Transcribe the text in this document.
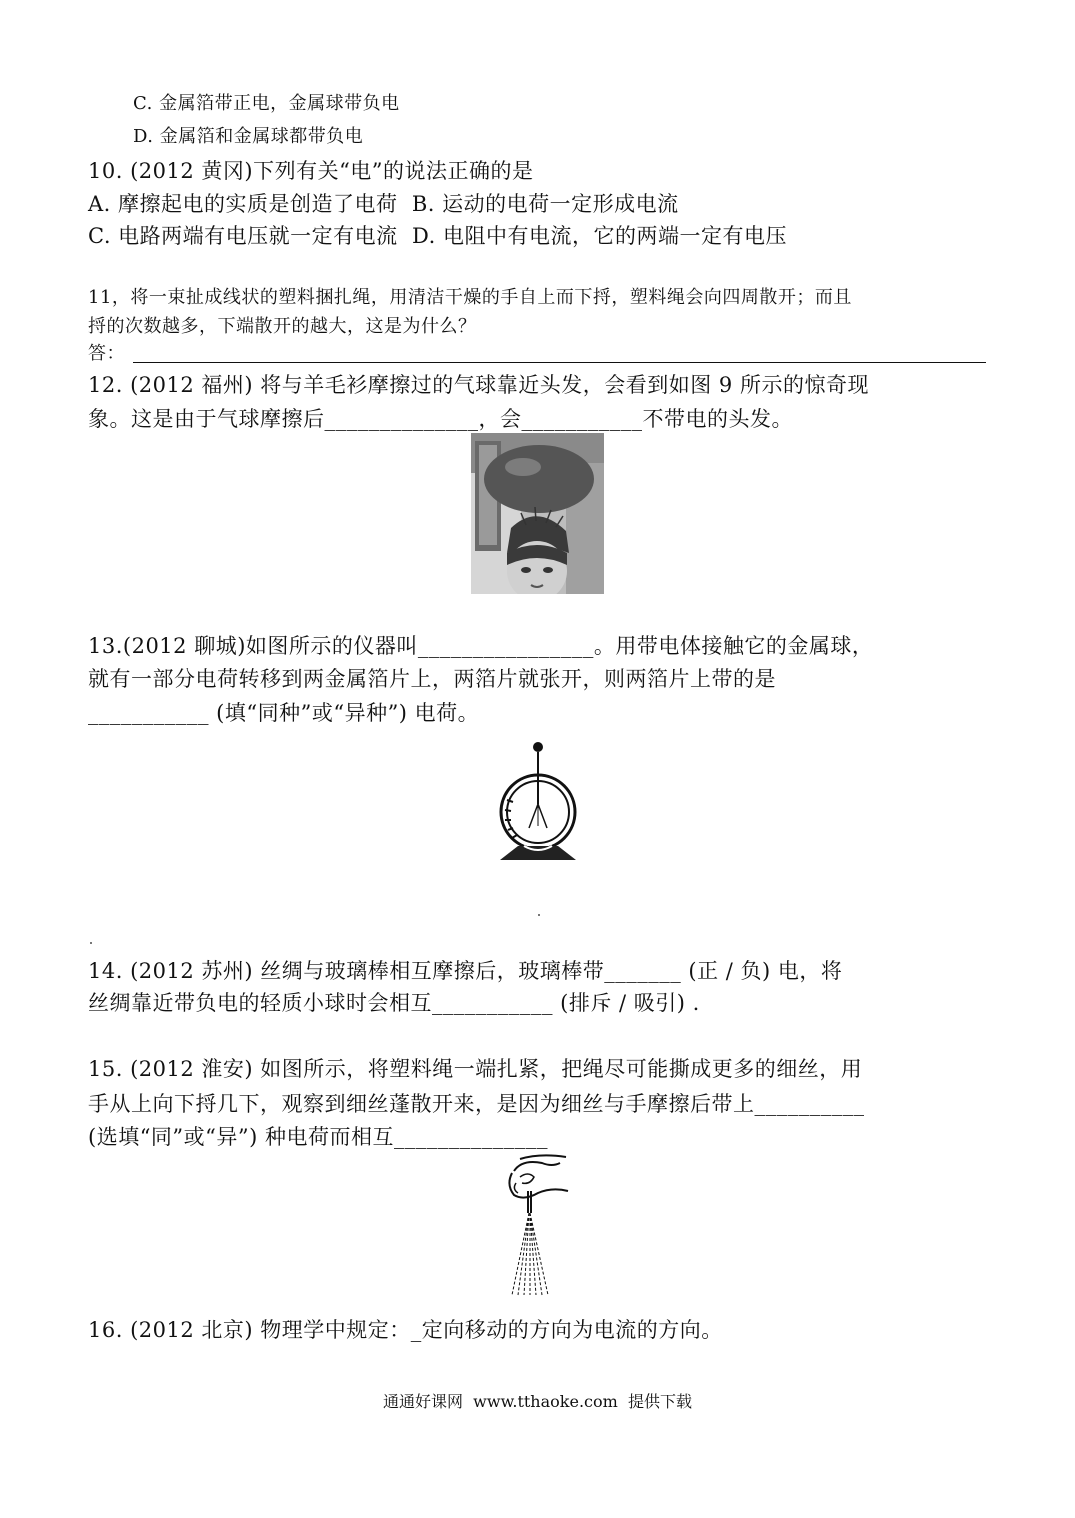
C. 金属箔带正电，金属球带负电
D. 金属箔和金属球都带负电
10. (2012 黄冈)下列有关“电”的说法正确的是
A. 摩擦起电的实质是创造了电荷  B. 运动的电荷一定形成电流
C. 电路两端有电压就一定有电流  D. 电阻中有电流，它的两端一定有电压
11，将一束扯成线状的塑料捆扎绳，用清洁干燥的手自上而下捋，塑料绳会向四周散开；而且
捋的次数越多，下端散开的越大，这是为什么？
答：
12. (2012 福州) 将与羊毛衫摩擦过的气球靠近头发，会看到如图 9 所示的惊奇现
象。这是由于气球摩擦后______________，会___________不带电的头发。
13.(2012 聊城)如图所示的仪器叫________________。用带电体接触它的金属球，
就有一部分电荷转移到两金属箔片上，两箔片就张开，则两箔片上带的是
___________ (填“同种”或“异种”) 电荷。
14. (2012 苏州) 丝绸与玻璃棒相互摩擦后，玻璃棒带_______ (正 / 负) 电，将
丝绸靠近带负电的轻质小球时会相互___________ (排斥 / 吸引) .
15. (2012 淮安) 如图所示，将塑料绳一端扎紧，把绳尽可能撕成更多的细丝，用
手从上向下捋几下，观察到细丝蓬散开来，是因为细丝与手摩擦后带上__________
(选填“同”或“异”) 种电荷而相互______________
16. (2012 北京) 物理学中规定：_定向移动的方向为电流的方向。
通通好课网  www.tthaoke.com  提供下载
